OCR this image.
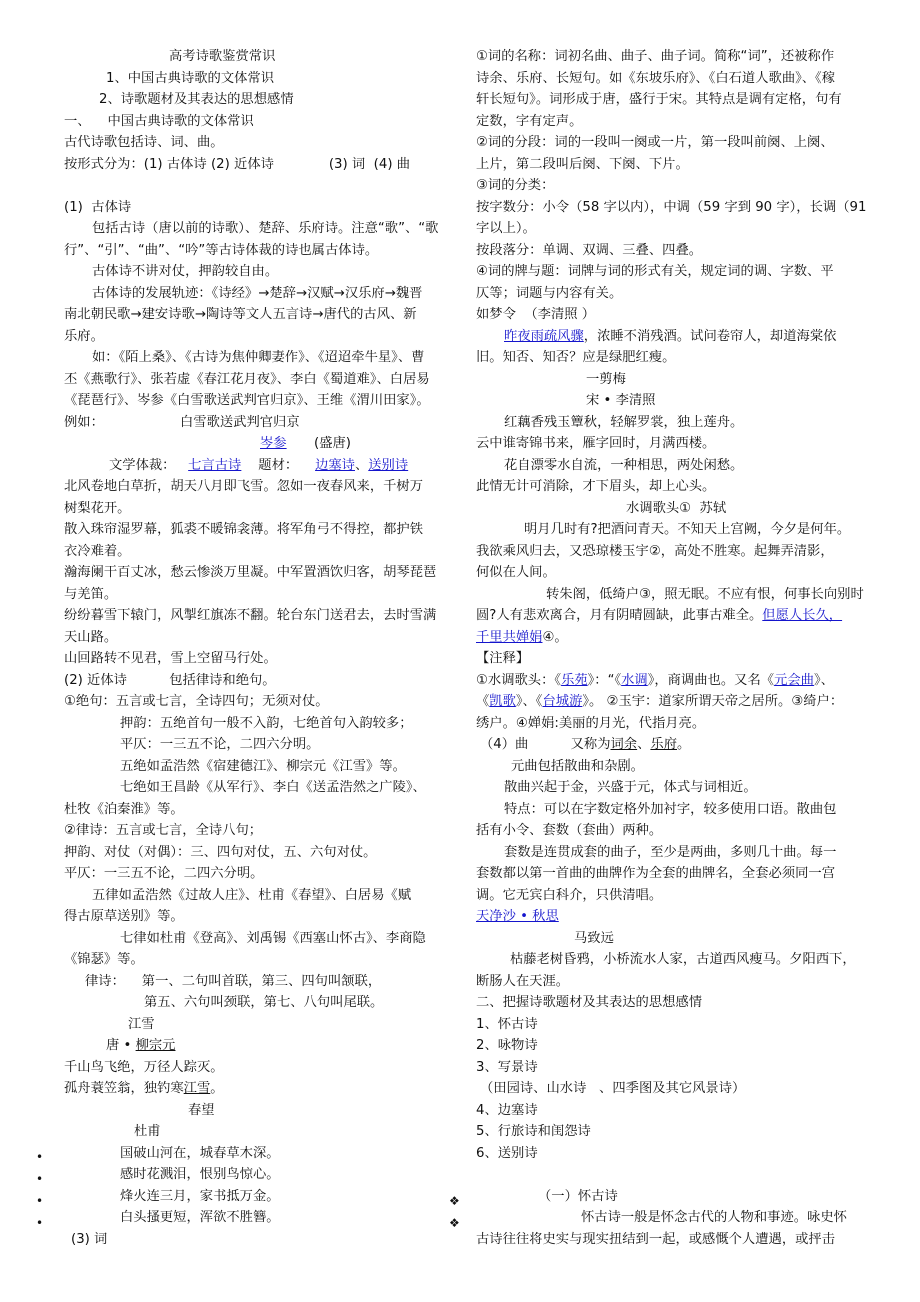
高考诗歌鉴赏常识
1、中国古典诗歌的文体常识
2、诗歌题材及其表达的思想感情
一、    中国古典诗歌的文体常识
古代诗歌包括诗、词、曲。
按形式分为：(1) 古体诗 (2) 近体诗             (3) 词  (4) 曲
(1)  古体诗
包括古诗（唐以前的诗歌）、楚辞、乐府诗。注意“歌”、“歌
行”、“引”、“曲”、“吟”等古诗体裁的诗也属古体诗。
古体诗不讲对仗，押韵较自由。
古体诗的发展轨迹：《诗经》→楚辞→汉赋→汉乐府→魏晋
南北朝民歌→建安诗歌→陶诗等文人五言诗→唐代的古风、新
乐府。
如：《陌上桑》、《古诗为焦仲卿妻作》、《迢迢牵牛星》、曹
丕《燕歌行》、张若虚《春江花月夜》、李白《蜀道难》、白居易
《琵琶行》、岑参《白雪歌送武判官归京》、王维《渭川田家》。
例如：                  白雪歌送武判官归京
岑参 (盛唐)
文学体裁：   七言古诗    题材：    边塞诗、送别诗
北风卷地白草折，胡天八月即飞雪。忽如一夜春风来，千树万
树梨花开。
散入珠帘湿罗幕，狐裘不暖锦衾薄。将军角弓不得控，都护铁
衣冷难着。
瀚海阑干百丈冰，愁云惨淡万里凝。中军置酒饮归客，胡琴琵琶
与羌笛。
纷纷暮雪下辕门，风掣红旗冻不翻。轮台东门送君去，去时雪满
天山路。
山回路转不见君，雪上空留马行处。
(2) 近体诗          包括律诗和绝句。
①绝句：五言或七言，全诗四句；无须对仗。
押韵：五绝首句一般不入韵，七绝首句入韵较多；
平仄：一三五不论，二四六分明。
五绝如孟浩然《宿建德江》、柳宗元《江雪》等。
七绝如王昌龄《从军行》、李白《送孟浩然之广陵》、
杜牧《泊秦淮》等。
②律诗：五言或七言，全诗八句；
押韵、对仗（对偶）：三、四句对仗，五、六句对仗。
平仄：一三五不论，二四六分明。
五律如孟浩然《过故人庄》、杜甫《春望》、白居易《赋
得古原草送别》等。
七律如杜甫《登高》、刘禹锡《西塞山怀古》、李商隐
《锦瑟》等。
律诗：    第一、二句叫首联，第三、四句叫颔联，
第五、六句叫颈联，第七、八句叫尾联。
江雪
唐 • 柳宗元
千山鸟飞绝，万径人踪灭。
孤舟蓑笠翁，独钓寒江雪。
春望
杜甫
国破山河在，城春草木深。
感时花溅泪，恨别鸟惊心。
烽火连三月，家书抵万金。
白头搔更短，浑欲不胜簪。
(3) 词
①词的名称：词初名曲、曲子、曲子词。简称“词”，还被称作
诗余、乐府、长短句。如《东坡乐府》、《白石道人歌曲》、《稼
轩长短句》。词形成于唐，盛行于宋。其特点是调有定格，句有
定数，字有定声。
②词的分段：词的一段叫一阕或一片，第一段叫前阕、上阕、
上片，第二段叫后阕、下阕、下片。
③词的分类：
按字数分：小令（58 字以内），中调（59 字到 90 字），长调（91
字以上）。
按段落分：单调、双调、三叠、四叠。
④词的牌与题：词牌与词的形式有关，规定词的调、字数、平
仄等；词题与内容有关。
如梦令  （李清照 ）
昨夜雨疏风骤，浓睡不消残酒。试问卷帘人，却道海棠依
旧。知否、知否？应是绿肥红瘦。
一剪梅
宋 • 李清照
红藕香残玉簟秋，轻解罗裳，独上莲舟。
云中谁寄锦书来，雁字回时，月满西楼。
花自漂零水自流，一种相思，两处闲愁。
此情无计可消除，才下眉头，却上心头。
水调歌头①  苏轼
明月几时有?把酒问青天。不知天上宫阙，今夕是何年。
我欲乘风归去，又恐琼楼玉宇②，高处不胜寒。起舞弄清影，
何似在人间。
转朱阁，低绮户③，照无眠。不应有恨，何事长向别时
圆?人有悲欢离合，月有阴晴圆缺，此事古难全。但愿人长久，
千里共婵娟④。
【注释】
①水调歌头：《乐苑》：“《水调》，商调曲也。又名《元会曲》、
《凯歌》、《台城游》。 ②玉宇：道家所谓天帝之居所。③绮户：
绣户。④婵娟:美丽的月光，代指月亮。
（4）曲          又称为词余、乐府。
元曲包括散曲和杂剧。
散曲兴起于金，兴盛于元，体式与词相近。
特点：可以在字数定格外加衬字，较多使用口语。散曲包
括有小令、套数（套曲）两种。
套数是连贯成套的曲子，至少是两曲，多则几十曲。每一
套数都以第一首曲的曲牌作为全套的曲牌名，全套必须同一宫
调。它无宾白科介，只供清唱。
天净沙 • 秋思
马致远
枯藤老树昏鸦，小桥流水人家，古道西风瘦马。夕阳西下，
断肠人在天涯。
二、把握诗歌题材及其表达的思想感情
1、怀古诗
2、咏物诗
3、写景诗
（田园诗、山水诗   、四季图及其它风景诗）
4、边塞诗
5、行旅诗和闺怨诗
6、送别诗
（一）怀古诗
怀古诗一般是怀念古代的人物和事迹。咏史怀
古诗往往将史实与现实扭结到一起，或感慨个人遭遇，或抨击
•
•
•
•
❖
❖
